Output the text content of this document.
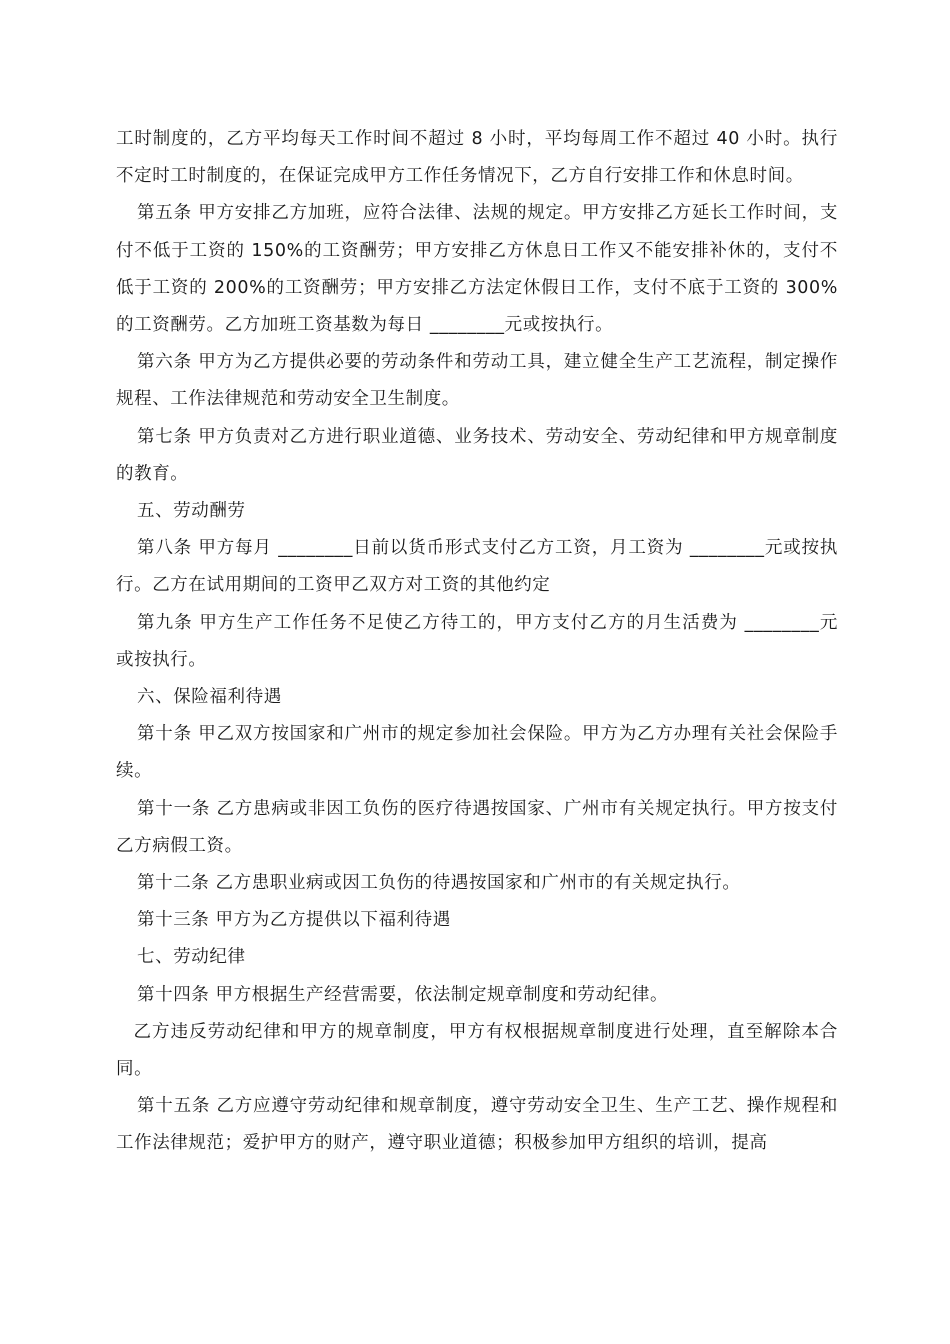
工时制度的，乙方平均每天工作时间不超过 8 小时，平均每周工作不超过 40 小时。执行不定时工时制度的，在保证完成甲方工作任务情况下，乙方自行安排工作和休息时间。

第五条 甲方安排乙方加班，应符合法律、法规的规定。甲方安排乙方延长工作时间，支付不低于工资的 150%的工资酬劳；甲方安排乙方休息日工作又不能安排补休的，支付不低于工资的 200%的工资酬劳；甲方安排乙方法定休假日工作，支付不底于工资的 300%的工资酬劳。乙方加班工资基数为每日 ________元或按执行。

第六条 甲方为乙方提供必要的劳动条件和劳动工具，建立健全生产工艺流程，制定操作规程、工作法律规范和劳动安全卫生制度。

第七条 甲方负责对乙方进行职业道德、业务技术、劳动安全、劳动纪律和甲方规章制度的教育。

五、劳动酬劳

第八条 甲方每月 ________日前以货币形式支付乙方工资，月工资为 ________元或按执行。乙方在试用期间的工资甲乙双方对工资的其他约定

第九条 甲方生产工作任务不足使乙方待工的，甲方支付乙方的月生活费为 ________元或按执行。

六、保险福利待遇

第十条 甲乙双方按国家和广州市的规定参加社会保险。甲方为乙方办理有关社会保险手续。

第十一条 乙方患病或非因工负伤的医疗待遇按国家、广州市有关规定执行。甲方按支付乙方病假工资。

第十二条 乙方患职业病或因工负伤的待遇按国家和广州市的有关规定执行。

第十三条 甲方为乙方提供以下福利待遇

七、劳动纪律

第十四条 甲方根据生产经营需要，依法制定规章制度和劳动纪律。

乙方违反劳动纪律和甲方的规章制度，甲方有权根据规章制度进行处理，直至解除本合同。

第十五条 乙方应遵守劳动纪律和规章制度，遵守劳动安全卫生、生产工艺、操作规程和工作法律规范；爱护甲方的财产，遵守职业道德；积极参加甲方组织的培训，提高
